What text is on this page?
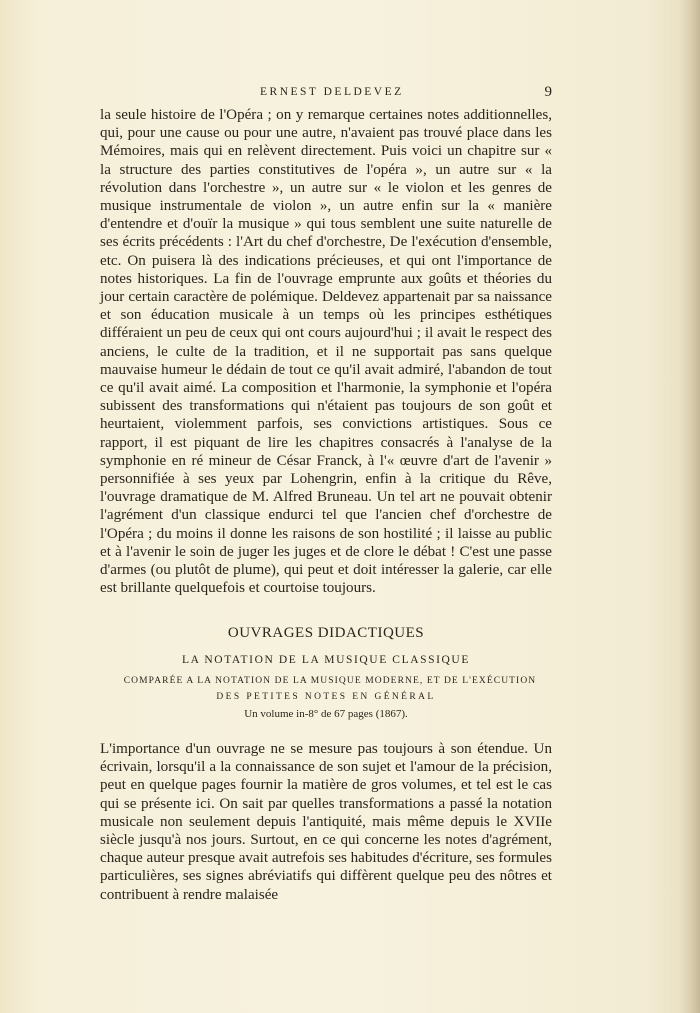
ERNEST DELDEVEZ	9

la seule histoire de l'Opéra ; on y remarque certaines notes additionnelles, qui, pour une cause ou pour une autre, n'avaient pas trouvé place dans les Mémoires, mais qui en relèvent directement. Puis voici un chapitre sur « la structure des parties constitutives de l'opéra », un autre sur « la révolution dans l'orchestre », un autre sur « le violon et les genres de musique instrumentale de violon », un autre enfin sur la « manière d'entendre et d'ouïr la musique » qui tous semblent une suite naturelle de ses écrits précédents : l'Art du chef d'orchestre, De l'exécution d'ensemble, etc. On puisera là des indications précieuses, et qui ont l'importance de notes historiques. La fin de l'ouvrage emprunte aux goûts et théories du jour certain caractère de polémique. Deldevez appartenait par sa naissance et son éducation musicale à un temps où les principes esthétiques différaient un peu de ceux qui ont cours aujourd'hui ; il avait le respect des anciens, le culte de la tradition, et il ne supportait pas sans quelque mauvaise humeur le dédain de tout ce qu'il avait admiré, l'abandon de tout ce qu'il avait aimé. La composition et l'harmonie, la symphonie et l'opéra subissent des transformations qui n'étaient pas toujours de son goût et heurtaient, violemment parfois, ses convictions artistiques. Sous ce rapport, il est piquant de lire les chapitres consacrés à l'analyse de la symphonie en ré mineur de César Franck, à l'« œuvre d'art de l'avenir » personnifiée à ses yeux par Lohengrin, enfin à la critique du Rêve, l'ouvrage dramatique de M. Alfred Bruneau. Un tel art ne pouvait obtenir l'agrément d'un classique endurci tel que l'ancien chef d'orchestre de l'Opéra ; du moins il donne les raisons de son hostilité ; il laisse au public et à l'avenir le soin de juger les juges et de clore le débat ! C'est une passe d'armes (ou plutôt de plume), qui peut et doit intéresser la galerie, car elle est brillante quelquefois et courtoise toujours.

OUVRAGES DIDACTIQUES
LA NOTATION DE LA MUSIQUE CLASSIQUE
COMPARÉE A LA NOTATION DE LA MUSIQUE MODERNE, ET DE L'EXÉCUTION
DES PETITES NOTES EN GÉNÉRAL
Un volume in-8° de 67 pages (1867).

L'importance d'un ouvrage ne se mesure pas toujours à son étendue. Un écrivain, lorsqu'il a la connaissance de son sujet et l'amour de la précision, peut en quelque pages fournir la matière de gros volumes, et tel est le cas qui se présente ici. On sait par quelles transformations a passé la notation musicale non seulement depuis l'antiquité, mais même depuis le XVIIe siècle jusqu'à nos jours. Surtout, en ce qui concerne les notes d'agrément, chaque auteur presque avait autrefois ses habitudes d'écriture, ses formules particulières, ses signes abréviatifs qui diffèrent quelque peu des nôtres et contribuent à rendre malaisée
